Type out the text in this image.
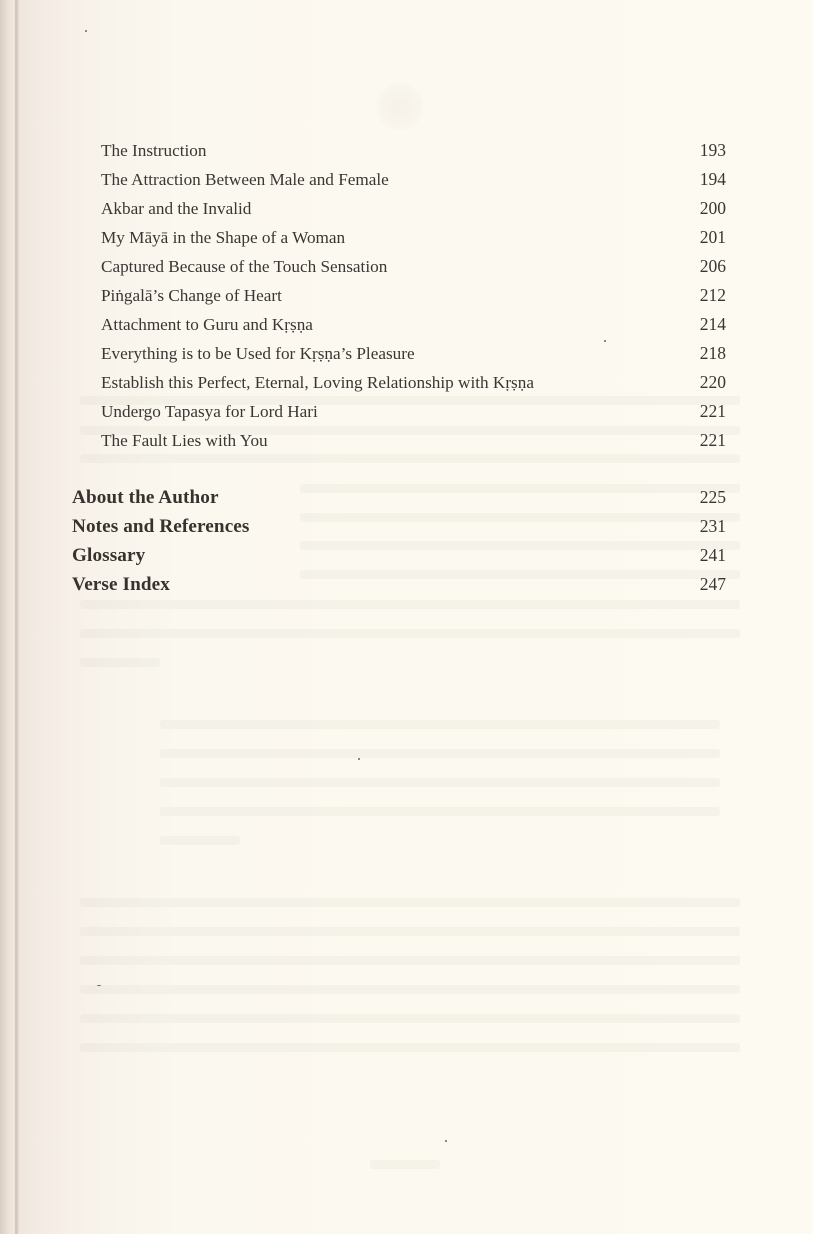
The Instruction	193
The Attraction Between Male and Female	194
Akbar and the Invalid	200
My Māyā in the Shape of a Woman	201
Captured Because of the Touch Sensation	206
Piṅgalā’s Change of Heart	212
Attachment to Guru and Kṛṣṇa	214
Everything is to be Used for Kṛṣṇa’s Pleasure	218
Establish this Perfect, Eternal, Loving Relationship with Kṛṣṇa	220
Undergo Tapasya for Lord Hari	221
The Fault Lies with You	221
About the Author	225
Notes and References	231
Glossary	241
Verse Index	247
